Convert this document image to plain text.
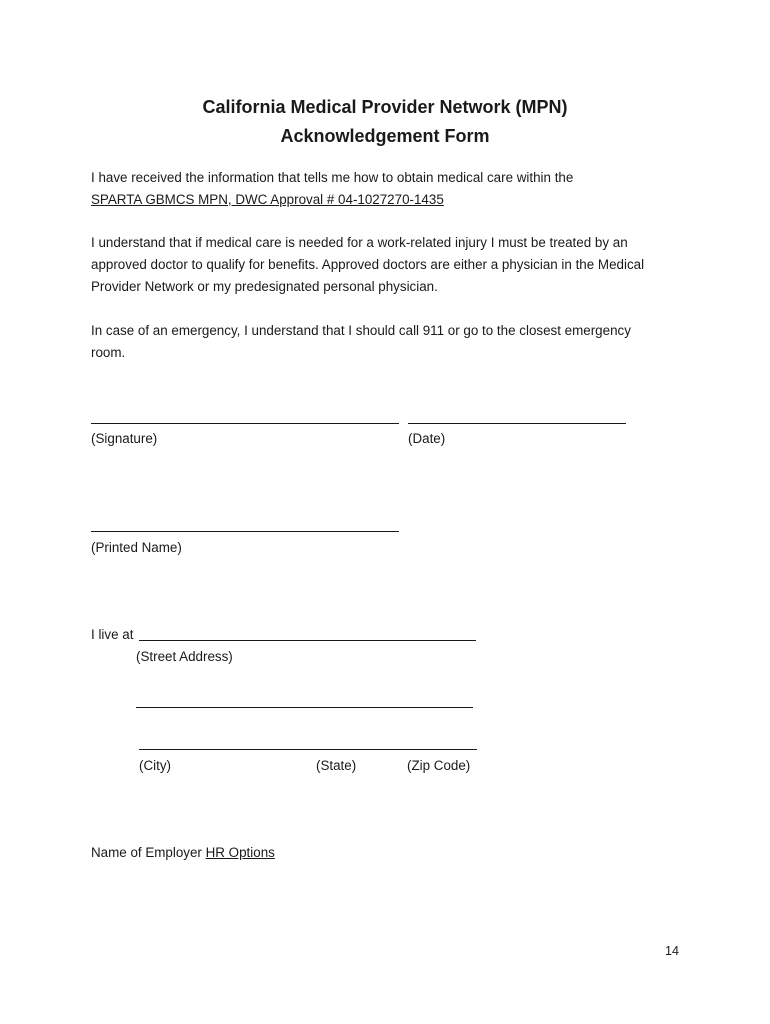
California Medical Provider Network (MPN)
Acknowledgement Form
I have received the information that tells me how to obtain medical care within the
SPARTA GBMCS MPN, DWC Approval # 04-1027270-1435
I understand that if medical care is needed for a work-related injury I must be treated by an
approved doctor to qualify for benefits. Approved doctors are either a physician in the Medical
Provider Network or my predesignated personal physician.
In case of an emergency, I understand that I should call 911 or go to the closest emergency
room.
(Signature)	(Date)
(Printed Name)
I live at
(Street Address)
(City)	(State)	(Zip Code)
Name of Employer HR Options
14
